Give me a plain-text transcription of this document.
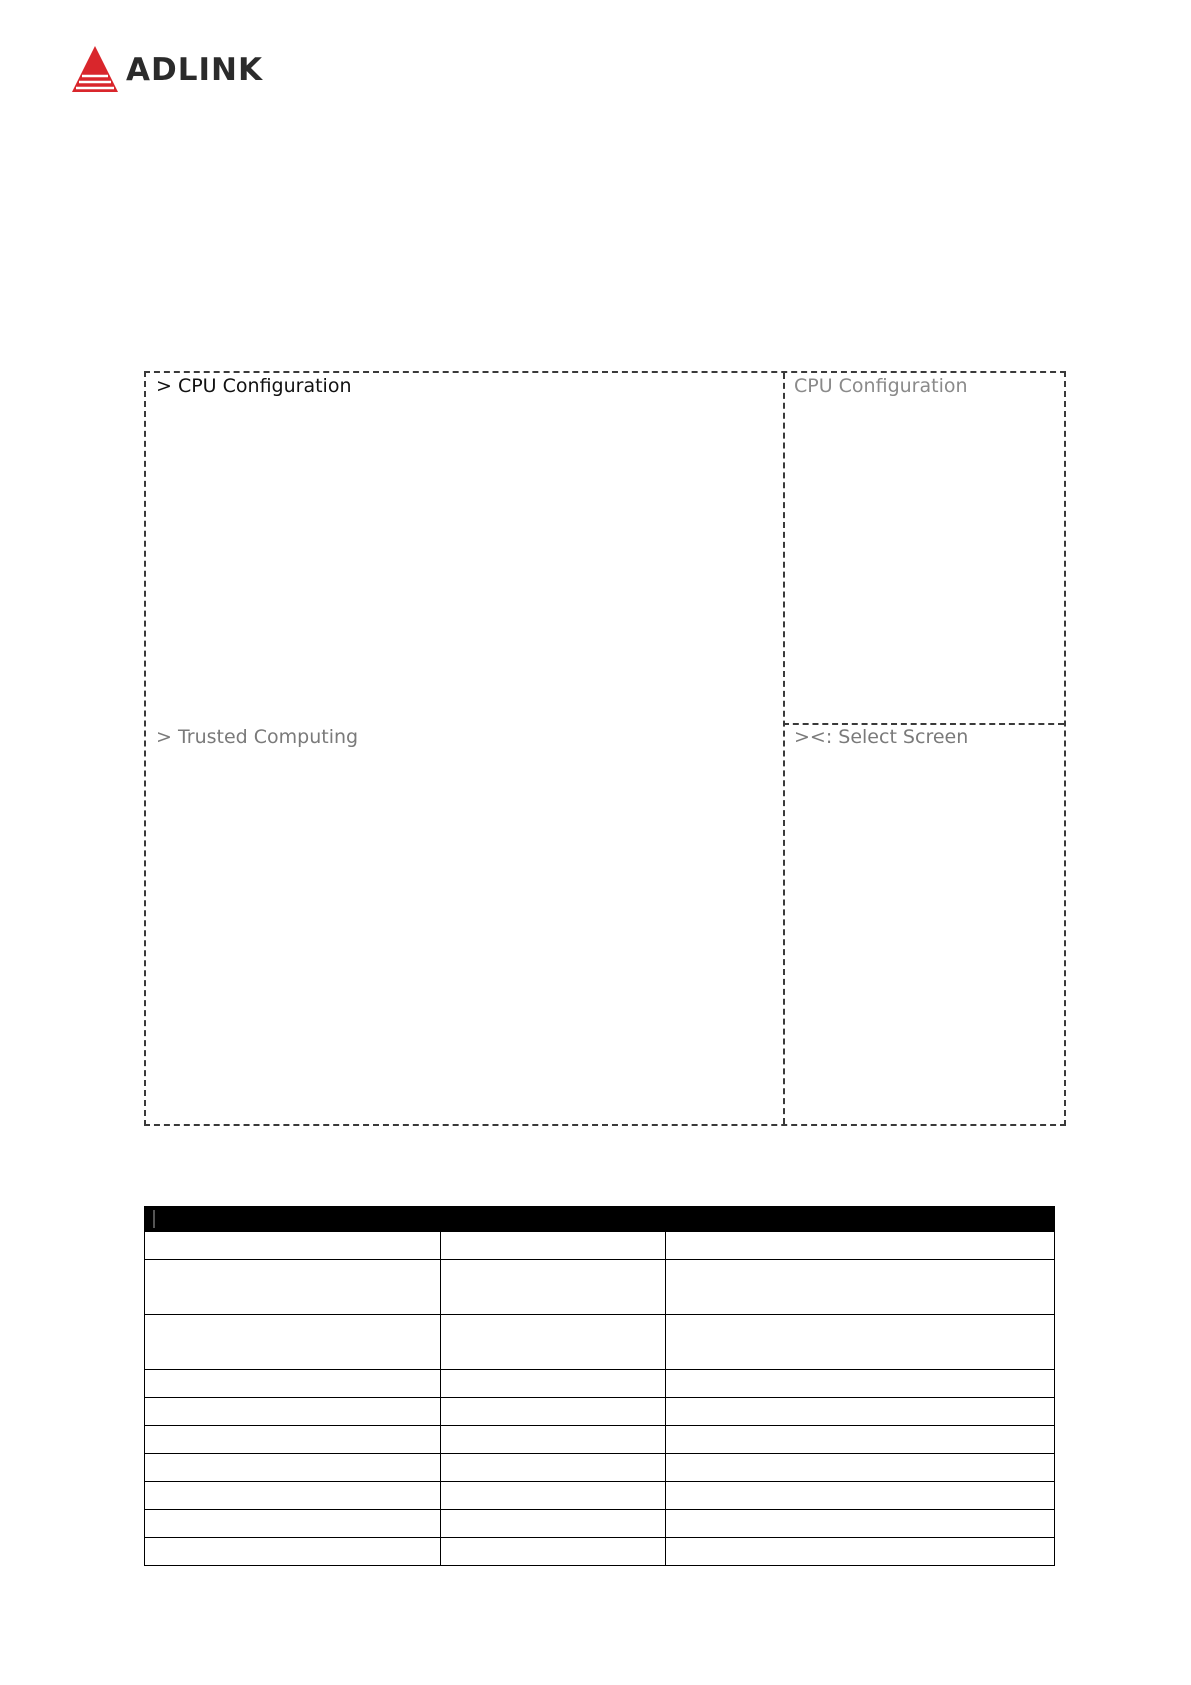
ADLINK
> CPU Configuration
> Trusted Computing
CPU Configuration
><: Select Screen
